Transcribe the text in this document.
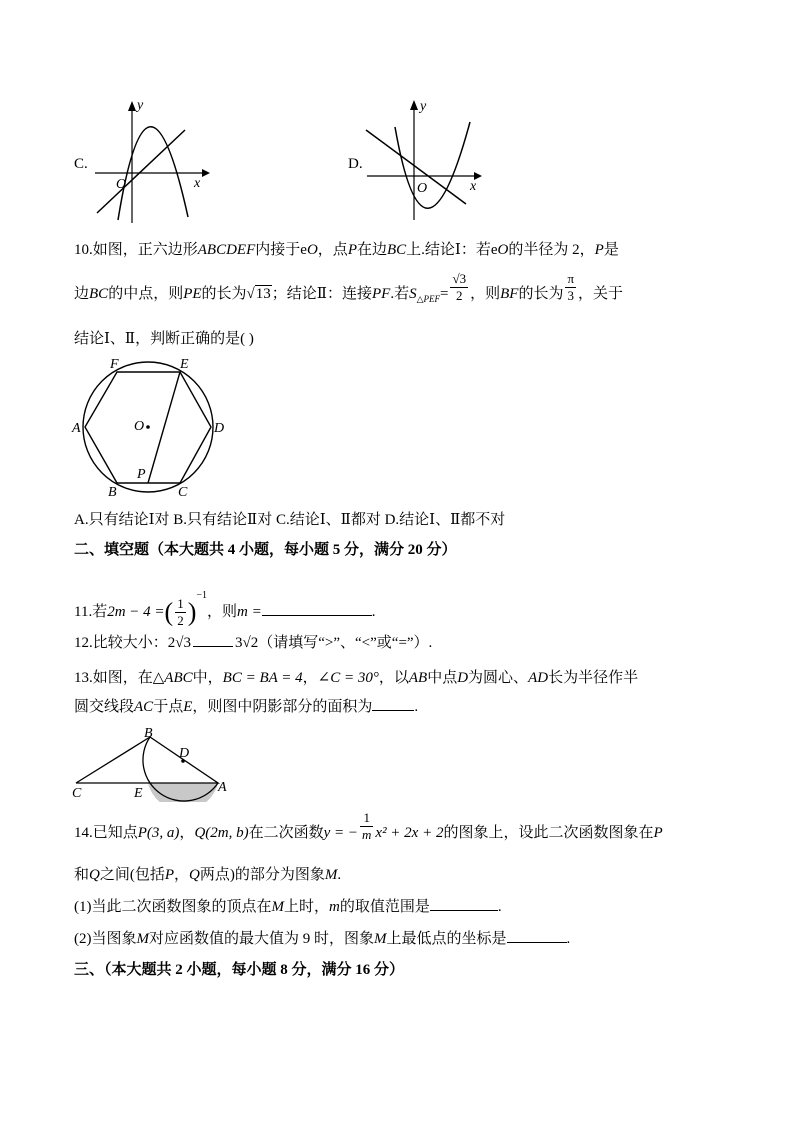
C.
y
x
O
D.
y
x
O
10.如图，正六边形ABCDEF内接于eO，点P在边BC上.结论Ⅰ：若eO的半径为 2，P是
边BC的中点，则PE的长为√13；结论Ⅱ：连接PF.若$S_{\triangle PEF}= \frac{√3}{2}$ ，则BF的长为 $\frac{\pi}{3}$ ，关于
结论Ⅰ、Ⅱ，判断正确的是( )
F	E
A	D
O
P
B	C
A.只有结论Ⅰ对 B.只有结论Ⅱ对 C.结论Ⅰ、Ⅱ都对 D.结论Ⅰ、Ⅱ都不对
二、填空题（本大题共 4 小题，每小题 5 分，满分 20 分）
11.若2m − 4 =( $\frac{1}{2} )^{-1}$，则m =	.
12.比较大小：2√3	3√2（请填写“>”、“<”或“=”）.
13.如图，在△ABC中，BC = BA = 4，∠C = 30°，以AB中点D为圆心、AD长为半径作半
圆交线段AC于点E，则图中阴影部分的面积为	.
B
D
C	E	A
14.已知点P(3, a)，Q(2m, b)在二次函数y = − $\frac{1}{m} x^2 + 2x + 2$的图象上，设此二次函数图象在P
和Q之间(包括P，Q两点)的部分为图象M.
(1)当此二次函数图象的顶点在M上时，m的取值范围是	.
(2)当图象M对应函数值的最大值为 9 时，图象M上最低点的坐标是	.
三、（本大题共 2 小题，每小题 8 分，满分 16 分）
